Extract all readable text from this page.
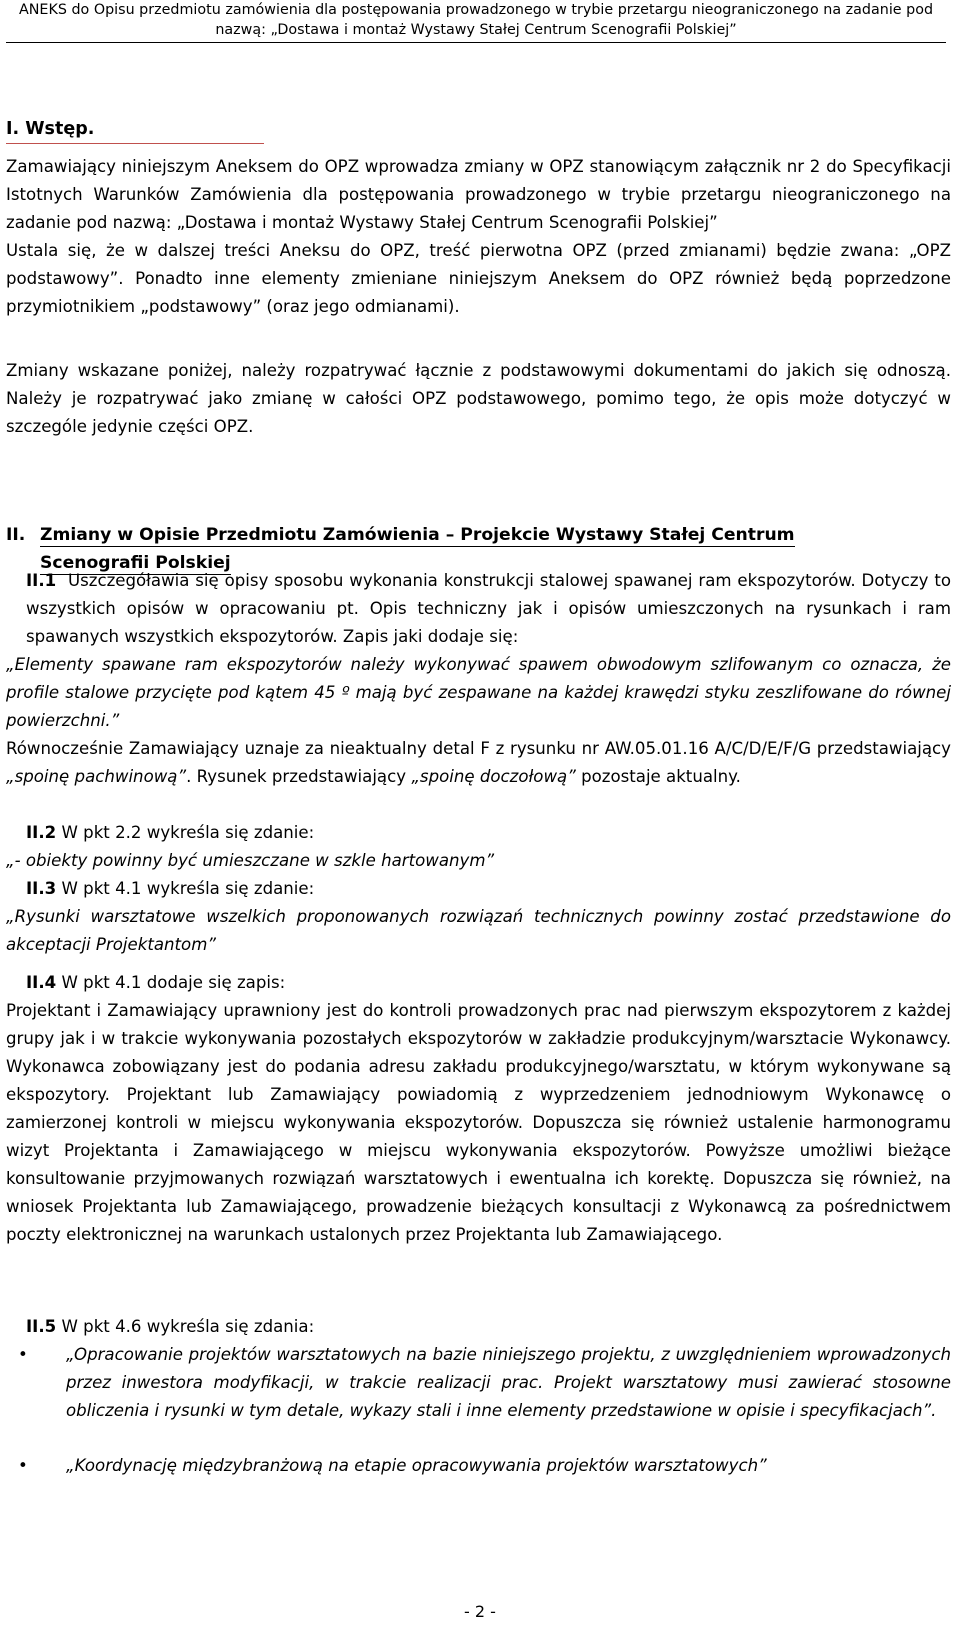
ANEKS do Opisu przedmiotu zamówienia dla postępowania prowadzonego w trybie przetargu nieograniczonego na zadanie pod
nazwą: „Dostawa i montaż Wystawy Stałej Centrum Scenografii Polskiej”
I. Wstęp.

Zamawiający niniejszym Aneksem do OPZ wprowadza zmiany w OPZ stanowiącym załącznik nr 2 do Specyfikacji Istotnych Warunków Zamówienia dla postępowania prowadzonego w trybie przetargu nieograniczonego na zadanie pod nazwą: „Dostawa i montaż Wystawy Stałej Centrum Scenografii Polskiej”

Ustala się, że w dalszej treści Aneksu do OPZ, treść pierwotna OPZ (przed zmianami) będzie zwana: „OPZ podstawowy”. Ponadto inne elementy zmieniane niniejszym Aneksem do OPZ również będą poprzedzone przymiotnikiem „podstawowy” (oraz jego odmianami).

Zmiany wskazane poniżej, należy rozpatrywać łącznie z podstawowymi dokumentami do jakich się odnoszą. Należy je rozpatrywać jako zmianę w całości OPZ podstawowego, pomimo tego, że opis może dotyczyć w szczególe jedynie części OPZ.

II. Zmiany w Opisie Przedmiotu Zamówienia – Projekcie Wystawy Stałej Centrum
Scenografii Polskiej
II.1 Uszczegóławia się opisy sposobu wykonania konstrukcji stalowej spawanej ram ekspozytorów. Dotyczy to wszystkich opisów w opracowaniu pt. Opis techniczny jak i opisów umieszczonych na rysunkach i ram spawanych wszystkich ekspozytorów. Zapis jaki dodaje się:

„Elementy spawane ram ekspozytorów należy wykonywać spawem obwodowym szlifowanym co oznacza, że profile stalowe przycięte pod kątem 45 º mają być zespawane na każdej krawędzi styku zeszlifowane do równej powierzchni.”

Równocześnie Zamawiający uznaje za nieaktualny detal F z rysunku nr AW.05.01.16 A/C/D/E/F/G przedstawiający „spoinę pachwinową”. Rysunek przedstawiający „spoinę doczołową” pozostaje aktualny.

II.2 W pkt 2.2 wykreśla się zdanie:

„- obiekty powinny być umieszczane w szkle hartowanym”

II.3 W pkt 4.1 wykreśla się zdanie:

„Rysunki warsztatowe wszelkich proponowanych rozwiązań technicznych powinny zostać przedstawione do akceptacji Projektantom”

II.4 W pkt 4.1 dodaje się zapis:

Projektant i Zamawiający uprawniony jest do kontroli prowadzonych prac nad pierwszym ekspozytorem z każdej grupy jak i w trakcie wykonywania pozostałych ekspozytorów w zakładzie produkcyjnym/warsztacie Wykonawcy. Wykonawca zobowiązany jest do podania adresu zakładu produkcyjnego/warsztatu, w którym wykonywane są ekspozytory. Projektant lub Zamawiający powiadomią z wyprzedzeniem jednodniowym Wykonawcę o zamierzonej kontroli w miejscu wykonywania ekspozytorów. Dopuszcza się również ustalenie harmonogramu wizyt Projektanta i Zamawiającego w miejscu wykonywania ekspozytorów. Powyższe umożliwi bieżące konsultowanie przyjmowanych rozwiązań warsztatowych i ewentualna ich korektę. Dopuszcza się również, na wniosek Projektanta lub Zamawiającego, prowadzenie bieżących konsultacji z Wykonawcą za pośrednictwem poczty elektronicznej na warunkach ustalonych przez Projektanta lub Zamawiającego.

II.5 W pkt 4.6 wykreśla się zdania:
• „Opracowanie projektów warsztatowych na bazie niniejszego projektu, z uwzględnieniem wprowadzonych przez inwestora modyfikacji, w trakcie realizacji prac. Projekt warsztatowy musi zawierać stosowne obliczenia i rysunki w tym detale, wykazy stali i inne elementy przedstawione w opisie i specyfikacjach”.
• „Koordynację międzybranżową na etapie opracowywania projektów warsztatowych”
- 2 -
